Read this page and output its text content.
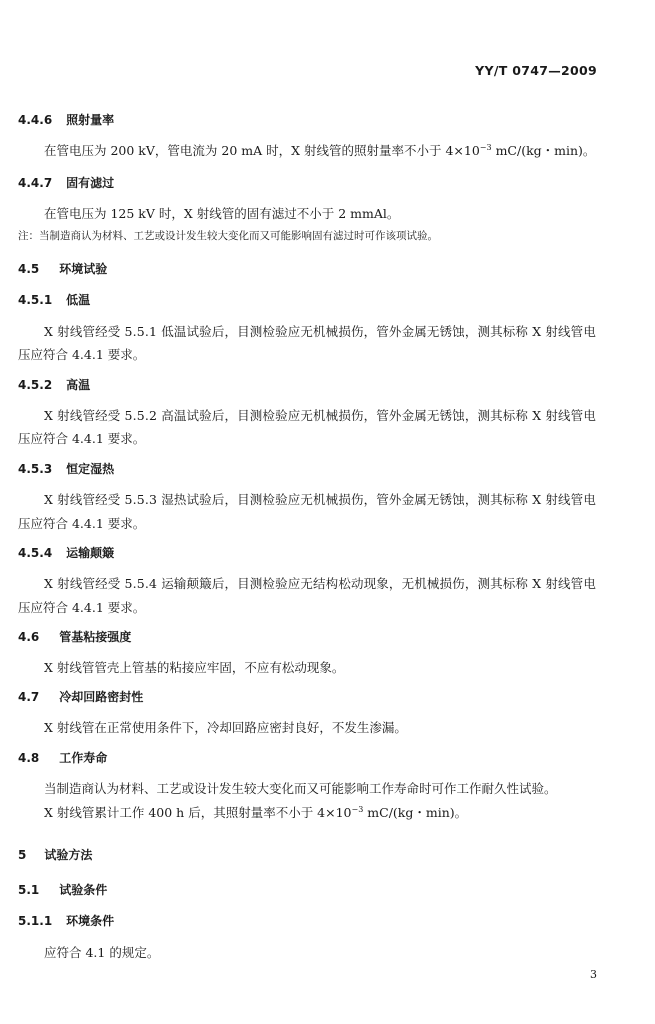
YY/T 0747—2009
4.4.6 照射量率
在管电压为 200 kV，管电流为 20 mA 时，X 射线管的照射量率不小于 $4\times 10^{-3}$ mC/(kg・min)。
4.4.7 固有滤过
在管电压为 125 kV 时，X 射线管的固有滤过不小于 2 mmAl。
注：当制造商认为材料、工艺或设计发生较大变化而又可能影响固有滤过时可作该项试验。
4.5 环境试验
4.5.1 低温
X 射线管经受 5.5.1 低温试验后，目测检验应无机械损伤，管外金属无锈蚀，测其标称 X 射线管电
压应符合 4.4.1 要求。
4.5.2 高温
X 射线管经受 5.5.2 高温试验后，目测检验应无机械损伤，管外金属无锈蚀，测其标称 X 射线管电
压应符合 4.4.1 要求。
4.5.3 恒定湿热
X 射线管经受 5.5.3 湿热试验后，目测检验应无机械损伤，管外金属无锈蚀，测其标称 X 射线管电
压应符合 4.4.1 要求。
4.5.4 运输颠簸
X 射线管经受 5.5.4 运输颠簸后，目测检验应无结构松动现象，无机械损伤，测其标称 X 射线管电
压应符合 4.4.1 要求。
4.6 管基粘接强度
X 射线管管壳上管基的粘接应牢固，不应有松动现象。
4.7 冷却回路密封性
X 射线管在正常使用条件下，冷却回路应密封良好，不发生渗漏。
4.8 工作寿命
当制造商认为材料、工艺或设计发生较大变化而又可能影响工作寿命时可作工作耐久性试验。
X 射线管累计工作 400 h 后，其照射量率不小于 $4\times 10^{-3}$ mC/(kg・min)。
5 试验方法
5.1 试验条件
5.1.1 环境条件
应符合 4.1 的规定。
3
